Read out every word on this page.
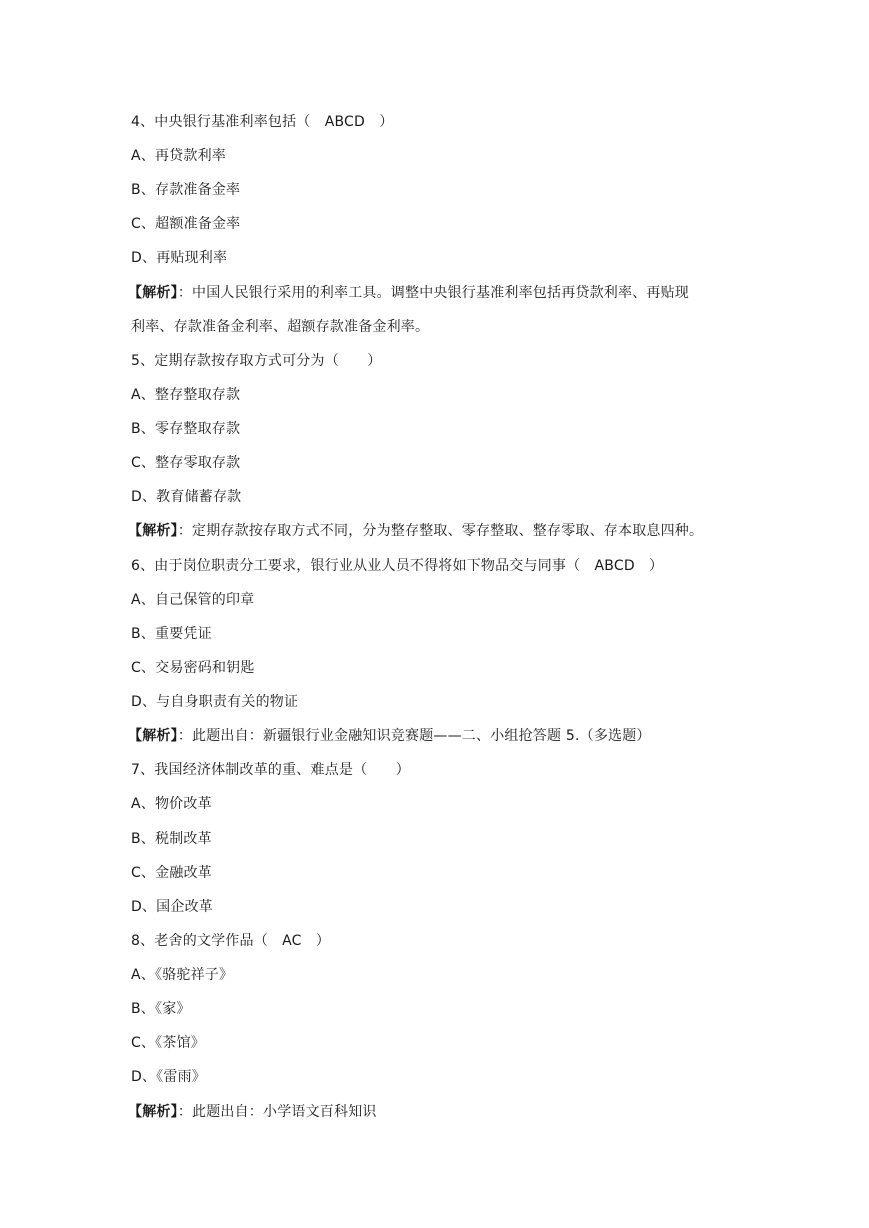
4、中央银行基准利率包括（　ABCD　）
A、再贷款利率
B、存款准备金率
C、超额准备金率
D、再贴现利率
【解析】：中国人民银行采用的利率工具。调整中央银行基准利率包括再贷款利率、再贴现
利率、存款准备金利率、超额存款准备金利率。
5、定期存款按存取方式可分为（　　）
A、整存整取存款
B、零存整取存款
C、整存零取存款
D、教育储蓄存款
【解析】：定期存款按存取方式不同，分为整存整取、零存整取、整存零取、存本取息四种。
6、由于岗位职责分工要求，银行业从业人员不得将如下物品交与同事（　ABCD　）
A、自己保管的印章
B、重要凭证
C、交易密码和钥匙
D、与自身职责有关的物证
【解析】：此题出自：新疆银行业金融知识竞赛题——二、小组抢答题 5.（多选题）
7、我国经济体制改革的重、难点是（　　）
A、物价改革
B、税制改革
C、金融改革
D、国企改革
8、老舍的文学作品（　AC　）
A、《骆驼祥子》
B、《家》
C、《茶馆》
D、《雷雨》
【解析】：此题出自：小学语文百科知识
